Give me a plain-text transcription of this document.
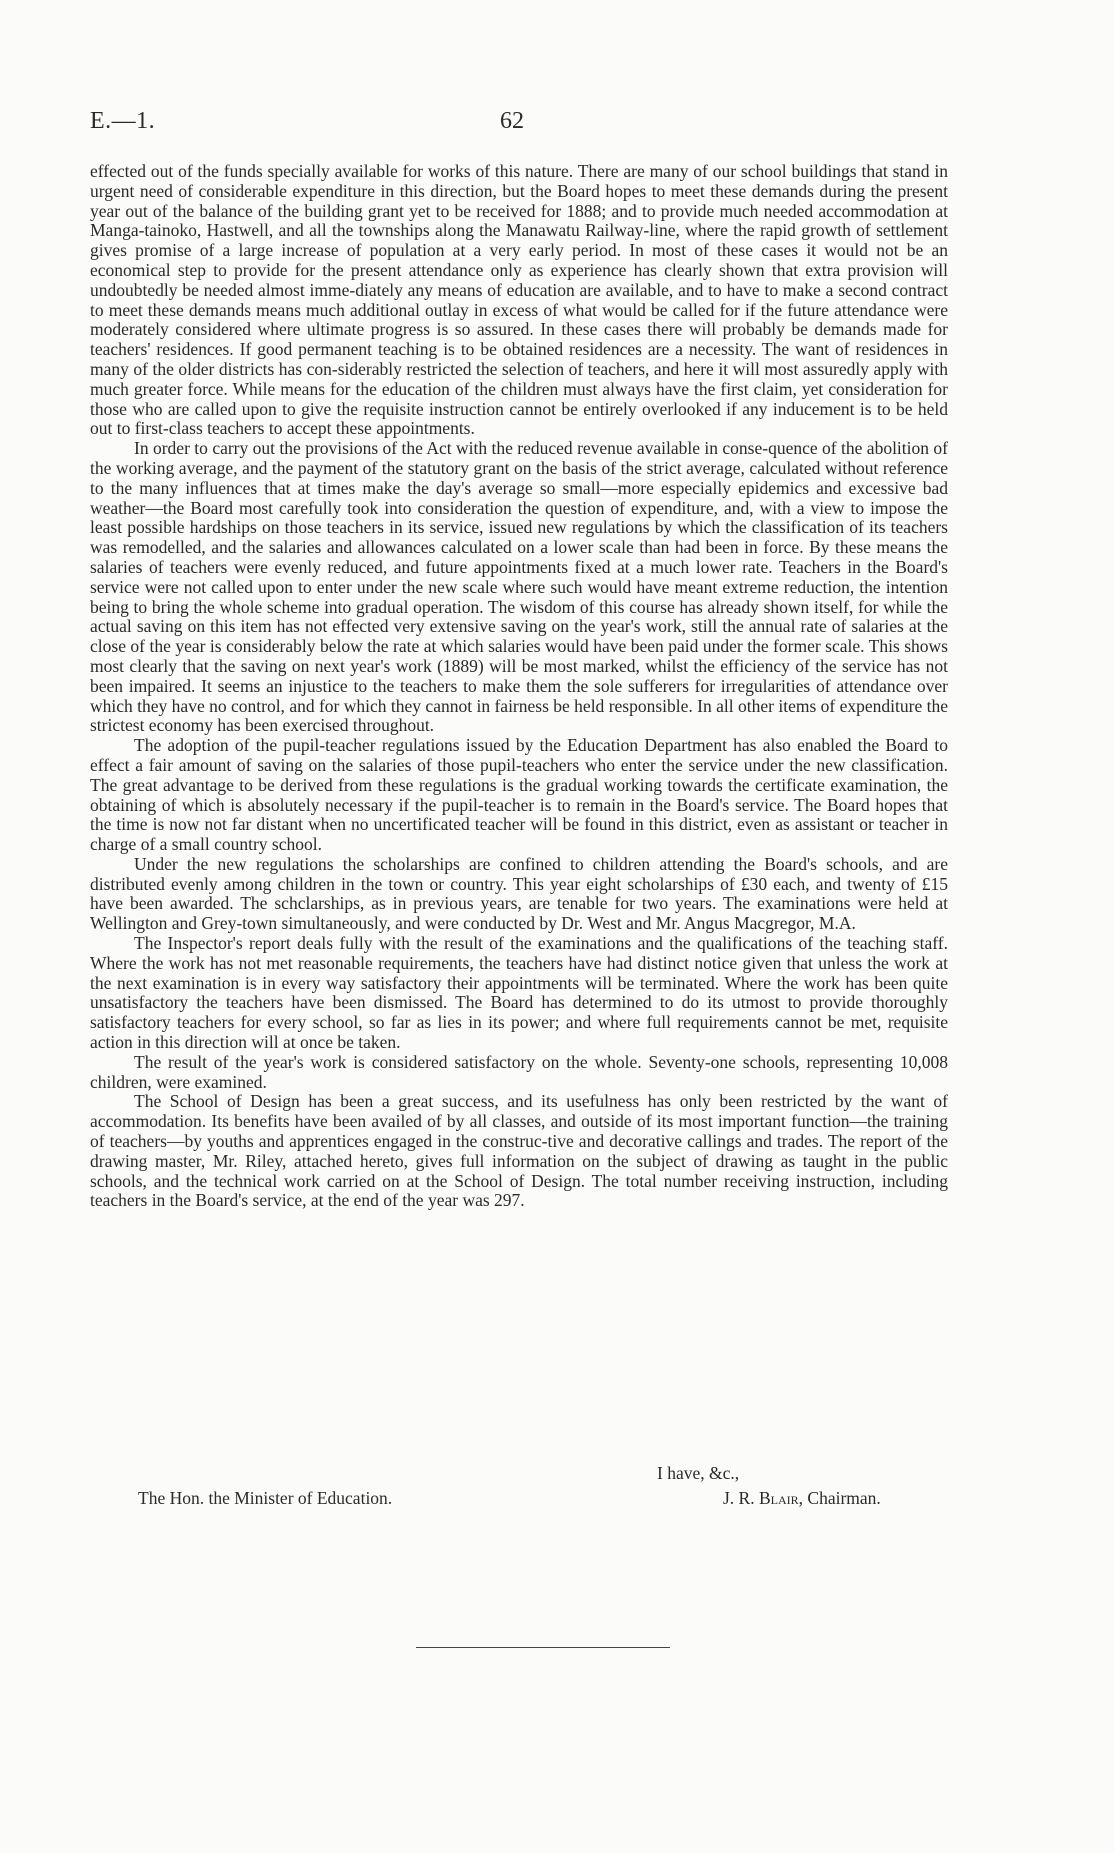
E.—1.	62

effected out of the funds specially available for works of this nature. There are many of our school buildings that stand in urgent need of considerable expenditure in this direction, but the Board hopes to meet these demands during the present year out of the balance of the building grant yet to be received for 1888; and to provide much needed accommodation at Manga-tainoko, Hastwell, and all the townships along the Manawatu Railway-line, where the rapid growth of settlement gives promise of a large increase of population at a very early period. In most of these cases it would not be an economical step to provide for the present attendance only as experience has clearly shown that extra provision will undoubtedly be needed almost imme-diately any means of education are available, and to have to make a second contract to meet these demands means much additional outlay in excess of what would be called for if the future attendance were moderately considered where ultimate progress is so assured. In these cases there will probably be demands made for teachers' residences. If good permanent teaching is to be obtained residences are a necessity. The want of residences in many of the older districts has con-siderably restricted the selection of teachers, and here it will most assuredly apply with much greater force. While means for the education of the children must always have the first claim, yet consideration for those who are called upon to give the requisite instruction cannot be entirely overlooked if any inducement is to be held out to first-class teachers to accept these appointments.

In order to carry out the provisions of the Act with the reduced revenue available in conse-quence of the abolition of the working average, and the payment of the statutory grant on the basis of the strict average, calculated without reference to the many influences that at times make the day's average so small—more especially epidemics and excessive bad weather—the Board most carefully took into consideration the question of expenditure, and, with a view to impose the least possible hardships on those teachers in its service, issued new regulations by which the classification of its teachers was remodelled, and the salaries and allowances calculated on a lower scale than had been in force. By these means the salaries of teachers were evenly reduced, and future appointments fixed at a much lower rate. Teachers in the Board's service were not called upon to enter under the new scale where such would have meant extreme reduction, the intention being to bring the whole scheme into gradual operation. The wisdom of this course has already shown itself, for while the actual saving on this item has not effected very extensive saving on the year's work, still the annual rate of salaries at the close of the year is considerably below the rate at which salaries would have been paid under the former scale. This shows most clearly that the saving on next year's work (1889) will be most marked, whilst the efficiency of the service has not been impaired. It seems an injustice to the teachers to make them the sole sufferers for irregularities of attendance over which they have no control, and for which they cannot in fairness be held responsible. In all other items of expenditure the strictest economy has been exercised throughout.

The adoption of the pupil-teacher regulations issued by the Education Department has also enabled the Board to effect a fair amount of saving on the salaries of those pupil-teachers who enter the service under the new classification. The great advantage to be derived from these regulations is the gradual working towards the certificate examination, the obtaining of which is absolutely necessary if the pupil-teacher is to remain in the Board's service. The Board hopes that the time is now not far distant when no uncertificated teacher will be found in this district, even as assistant or teacher in charge of a small country school.

Under the new regulations the scholarships are confined to children attending the Board's schools, and are distributed evenly among children in the town or country. This year eight scholarships of £30 each, and twenty of £15 have been awarded. The schclarships, as in previous years, are tenable for two years. The examinations were held at Wellington and Grey-town simultaneously, and were conducted by Dr. West and Mr. Angus Macgregor, M.A.

The Inspector's report deals fully with the result of the examinations and the qualifications of the teaching staff. Where the work has not met reasonable requirements, the teachers have had distinct notice given that unless the work at the next examination is in every way satisfactory their appointments will be terminated. Where the work has been quite unsatisfactory the teachers have been dismissed. The Board has determined to do its utmost to provide thoroughly satisfactory teachers for every school, so far as lies in its power; and where full requirements cannot be met, requisite action in this direction will at once be taken.

The result of the year's work is considered satisfactory on the whole. Seventy-one schools, representing 10,008 children, were examined.

The School of Design has been a great success, and its usefulness has only been restricted by the want of accommodation. Its benefits have been availed of by all classes, and outside of its most important function—the training of teachers—by youths and apprentices engaged in the construc-tive and decorative callings and trades. The report of the drawing master, Mr. Riley, attached hereto, gives full information on the subject of drawing as taught in the public schools, and the technical work carried on at the School of Design. The total number receiving instruction, including teachers in the Board's service, at the end of the year was 297.

I have, &c.,
The Hon. the Minister of Education.	J. R. Blair, Chairman.
